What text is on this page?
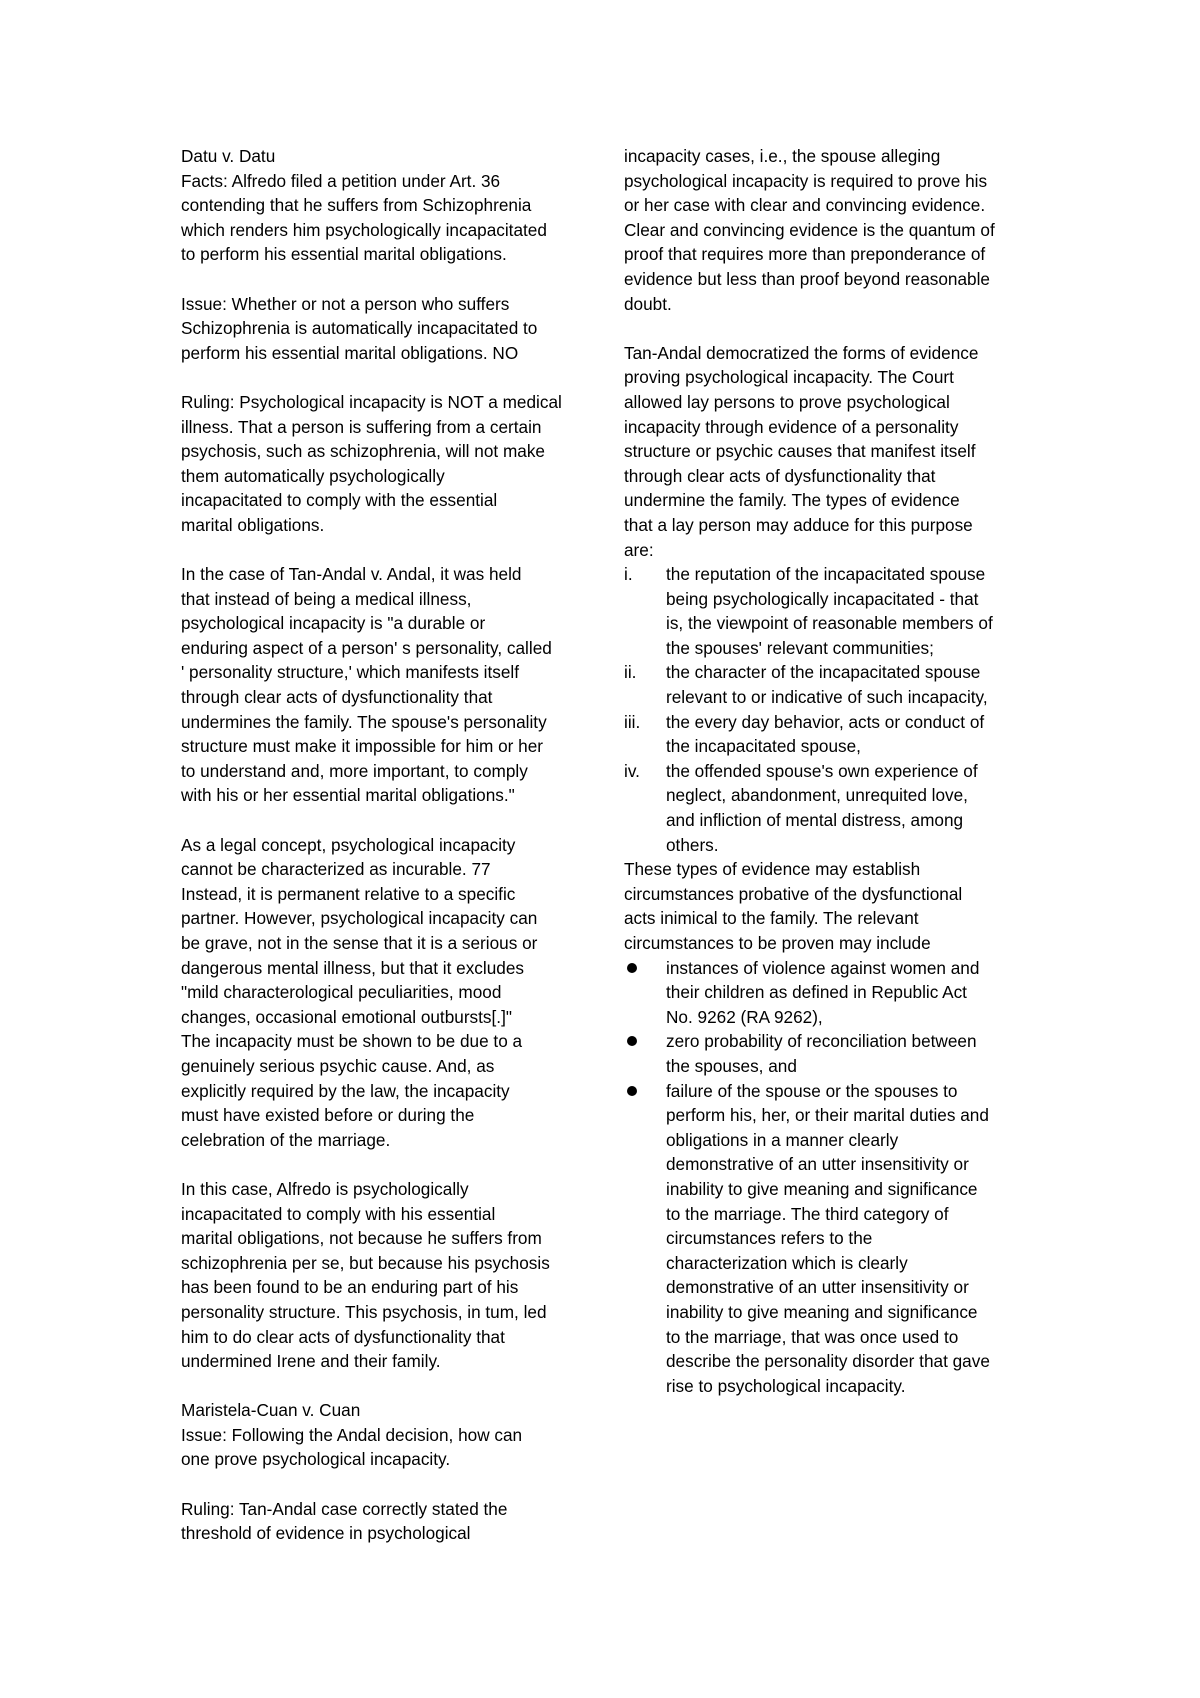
Datu v. Datu
Facts: Alfredo filed a petition under Art. 36
contending that he suffers from Schizophrenia
which renders him psychologically incapacitated
to perform his essential marital obligations.
Issue: Whether or not a person who suffers
Schizophrenia is automatically incapacitated to
perform his essential marital obligations. NO
Ruling: Psychological incapacity is NOT a medical
illness. That a person is suffering from a certain
psychosis, such as schizophrenia, will not make
them automatically psychologically
incapacitated to comply with the essential
marital obligations.
In the case of Tan-Andal v. Andal, it was held
that instead of being a medical illness,
psychological incapacity is "a durable or
enduring aspect of a person' s personality, called
' personality structure,' which manifests itself
through clear acts of dysfunctionality that
undermines the family. The spouse's personality
structure must make it impossible for him or her
to understand and, more important, to comply
with his or her essential marital obligations."
As a legal concept, psychological incapacity
cannot be characterized as incurable. 77
Instead, it is permanent relative to a specific
partner. However, psychological incapacity can
be grave, not in the sense that it is a serious or
dangerous mental illness, but that it excludes
"mild characterological peculiarities, mood
changes, occasional emotional outbursts[.]"
The incapacity must be shown to be due to a
genuinely serious psychic cause. And, as
explicitly required by the law, the incapacity
must have existed before or during the
celebration of the marriage.
In this case, Alfredo is psychologically
incapacitated to comply with his essential
marital obligations, not because he suffers from
schizophrenia per se, but because his psychosis
has been found to be an enduring part of his
personality structure. This psychosis, in tum, led
him to do clear acts of dysfunctionality that
undermined Irene and their family.
Maristela-Cuan v. Cuan
Issue: Following the Andal decision, how can
one prove psychological incapacity.
Ruling: Tan-Andal case correctly stated the
threshold of evidence in psychological
incapacity cases, i.e., the spouse alleging
psychological incapacity is required to prove his
or her case with clear and convincing evidence.
Clear and convincing evidence is the quantum of
proof that requires more than preponderance of
evidence but less than proof beyond reasonable
doubt.
Tan-Andal democratized the forms of evidence
proving psychological incapacity. The Court
allowed lay persons to prove psychological
incapacity through evidence of a personality
structure or psychic causes that manifest itself
through clear acts of dysfunctionality that
undermine the family. The types of evidence
that a lay person may adduce for this purpose
are:
i.	the reputation of the incapacitated spouse
being psychologically incapacitated - that
is, the viewpoint of reasonable members of
the spouses' relevant communities;
ii.	the character of the incapacitated spouse
relevant to or indicative of such incapacity,
iii.	the every day behavior, acts or conduct of
the incapacitated spouse,
iv.	the offended spouse's own experience of
neglect, abandonment, unrequited love,
and infliction of mental distress, among
others.
These types of evidence may establish
circumstances probative of the dysfunctional
acts inimical to the family. The relevant
circumstances to be proven may include
instances of violence against women and
their children as defined in Republic Act
No. 9262 (RA 9262),
zero probability of reconciliation between
the spouses, and
failure of the spouse or the spouses to
perform his, her, or their marital duties and
obligations in a manner clearly
demonstrative of an utter insensitivity or
inability to give meaning and significance
to the marriage. The third category of
circumstances refers to the
characterization which is clearly
demonstrative of an utter insensitivity or
inability to give meaning and significance
to the marriage, that was once used to
describe the personality disorder that gave
rise to psychological incapacity.
